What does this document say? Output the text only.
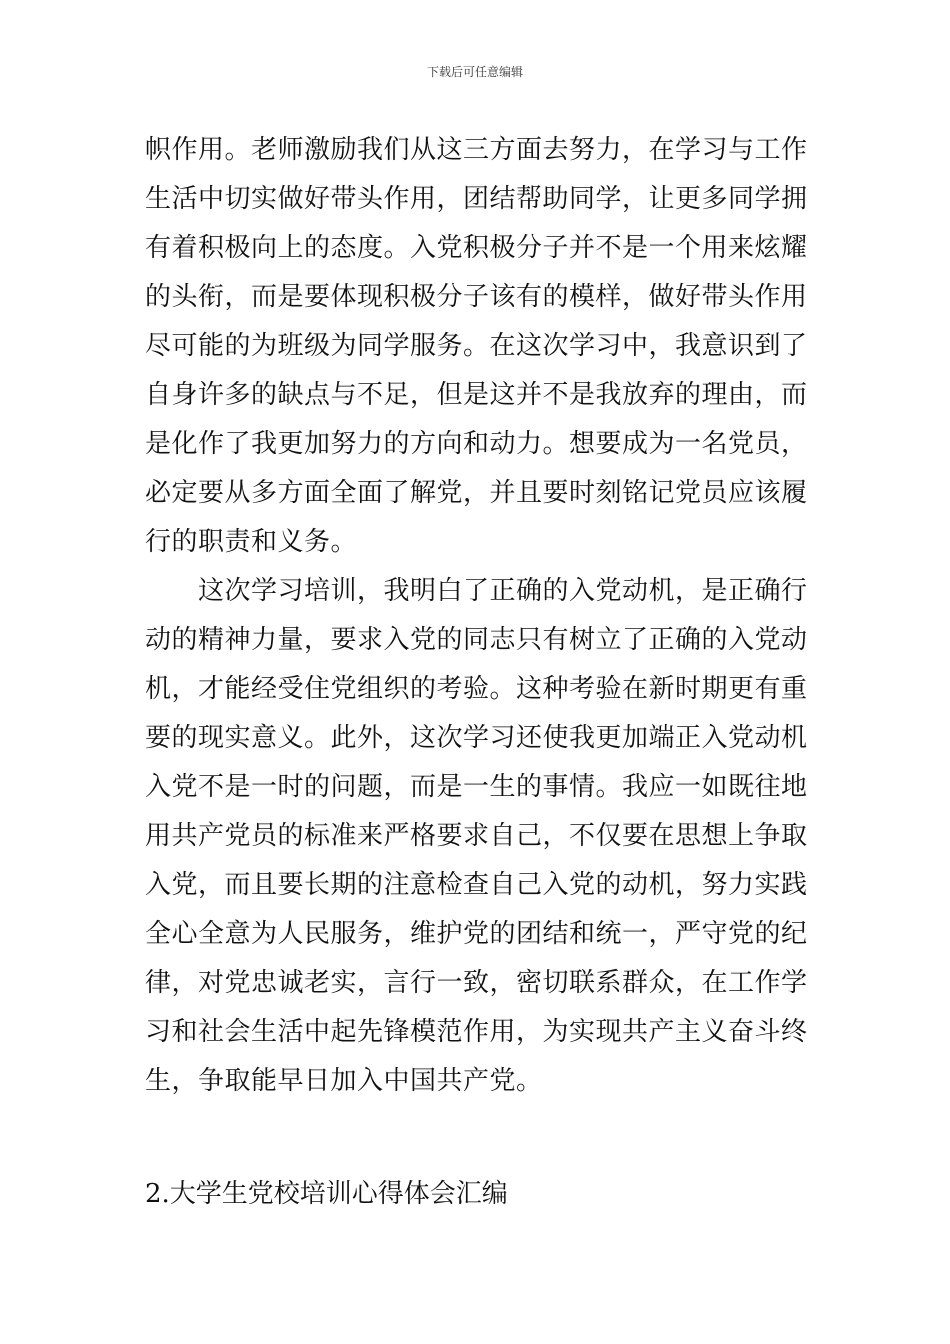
下载后可任意编辑
帜作用。老师激励我们从这三方面去努力，在学习与工作
生活中切实做好带头作用，团结帮助同学，让更多同学拥
有着积极向上的态度。入党积极分子并不是一个用来炫耀
的头衔，而是要体现积极分子该有的模样，做好带头作用
尽可能的为班级为同学服务。在这次学习中，我意识到了
自身许多的缺点与不足，但是这并不是我放弃的理由，而
是化作了我更加努力的方向和动力。想要成为一名党员，
必定要从多方面全面了解党，并且要时刻铭记党员应该履
行的职责和义务。
　　这次学习培训，我明白了正确的入党动机，是正确行
动的精神力量，要求入党的同志只有树立了正确的入党动
机，才能经受住党组织的考验。这种考验在新时期更有重
要的现实意义。此外，这次学习还使我更加端正入党动机
入党不是一时的问题，而是一生的事情。我应一如既往地
用共产党员的标准来严格要求自己，不仅要在思想上争取
入党，而且要长期的注意检查自己入党的动机，努力实践
全心全意为人民服务，维护党的团结和统一，严守党的纪
律，对党忠诚老实，言行一致，密切联系群众，在工作学
习和社会生活中起先锋模范作用，为实现共产主义奋斗终
生，争取能早日加入中国共产党。
2.大学生党校培训心得体会汇编
